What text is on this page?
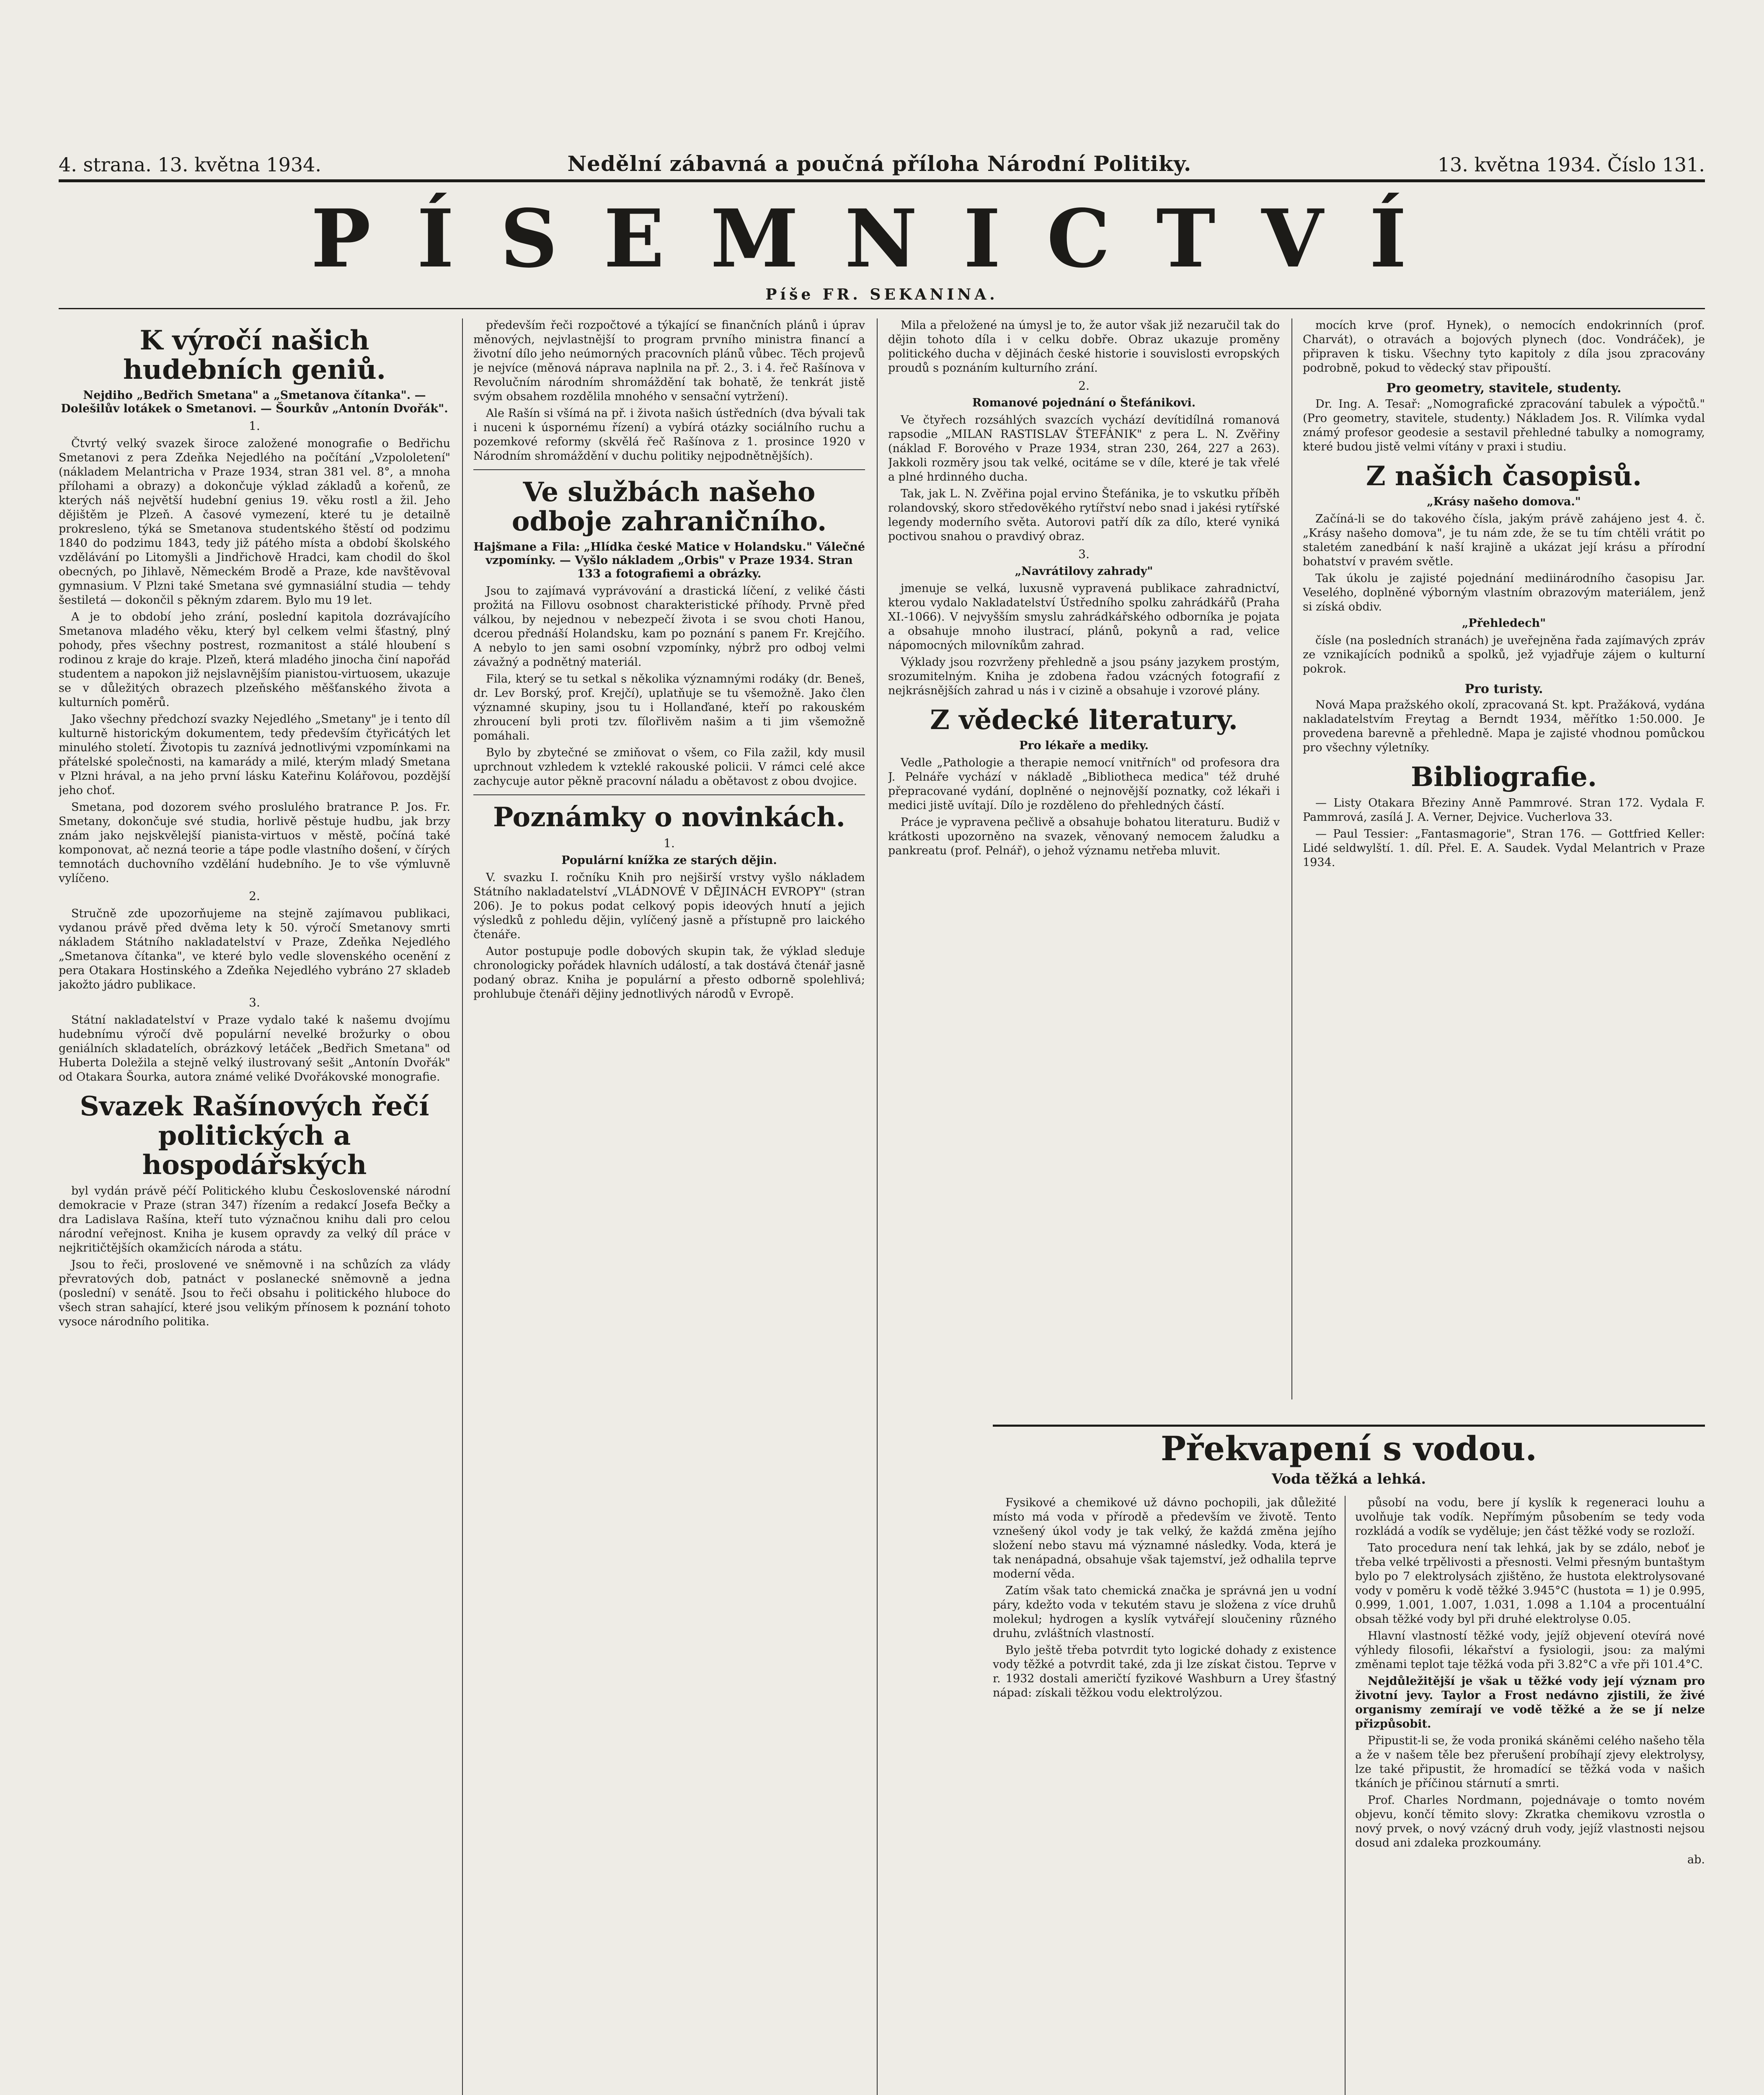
4. strana. 13. května 1934.	Nedělní zábavná a poučná příloha Národní Politiky.	13. května 1934. Číslo 131.
PÍSEMNICTVÍ
Píše FR. SEKANINA.
K výročí našich hudebních geniů.
Nejdiho „Bedřich Smetana" a „Smetanova čítanka". — Dolešilův lotákek o Smetanovi. — Šourkův „Antonín Dvořák".
1.

Čtvrtý velký svazek široce založené monografie o Bedřichu Smetanovi z pera Zdeňka Nejedlého na počítání „Vzpololetení" (nákladem Melantricha v Praze 1934, stran 381 vel. 8°, a mnoha přílohami a obrazy) a dokončuje výklad základů a kořenů, ze kterých náš největší hudební genius 19. věku rostl a žil. Jeho dějištěm je Plzeň. A časové vymezení, které tu je detailně prokresleno, týká se Smetanova studentského štěstí od podzimu 1840 do podzimu 1843, tedy již pátého místa a období školského vzdělávání po Litomyšli a Jindřichově Hradci, kam chodil do škol obecných, po Jihlavě, Německém Brodě a Praze, kde navštěvoval gymnasium. V Plzni také Smetana své gymnasiální studia — tehdy šestiletá — dokončil s pěkným zdarem. Bylo mu 19 let.

A je to období jeho zrání, poslední kapitola dozrávajícího Smetanova mladého věku, který byl celkem velmi šťastný, plný pohody, přes všechny postrest, rozmanitost a stálé hloubení s rodinou z kraje do kraje. Plzeň, která mladého jinocha činí napořád studentem a napokon již nejslavnějším pianistou-virtuosem, ukazuje se v důležitých obrazech plzeňského měšťanského života a kulturních poměrů.

Jako všechny předchozí svazky Nejedlého „Smetany" je i tento díl kulturně historickým dokumentem, tedy především čtyřicátých let minulého století. Životopis tu zaznívá jednotlivými vzpomínkami na přátelské společnosti, na kamarády a milé, kterým mladý Smetana v Plzni hrával, a na jeho první lásku Kateřinu Kolářovou, pozdější jeho choť.

Smetana, pod dozorem svého proslulého bratrance P. Jos. Fr. Smetany, dokončuje své studia, horlivě pěstuje hudbu, jak brzy znám jako nejskvělejší pianista-virtuos v městě, počíná také komponovat, ač nezná teorie a tápe podle vlastního došení, v čírých temnotách duchovního vzdělání hudebního. Je to vše výmluvně vylíčeno.

2.

Stručně zde upozorňujeme na stejně zajímavou publikaci, vydanou právě před dvěma lety k 50. výročí Smetanovy smrti nákladem Státního nakladatelství v Praze, Zdeňka Nejedlého „Smetanova čítanka", ve které bylo vedle slovenského ocenění z pera Otakara Hostinského a Zdeňka Nejedlého vybráno 27 skladeb jakožto jádro publikace.

3.

Státní nakladatelství v Praze vydalo také k našemu dvojímu hudebnímu výročí dvě populární nevelké brožurky o obou geniálních skladatelích, obrázkový letáček „Bedřich Smetana" od Huberta Doležila a stejně velký ilustrovaný sešit „Antonín Dvořák" od Otakara Šourka, autora známé veliké Dvořákovské monografie.

Svazek Rašínových řečí politických a hospodářských

byl vydán právě péčí Politického klubu Československé národní demokracie v Praze (stran 347) řízením a redakcí Josefa Bečky a dra Ladislava Rašína, kteří tuto význačnou knihu dali pro celou národní veřejnost. Kniha je kusem opravdy za velký díl práce v nejkritičtějších okamžicích národa a státu.

Jsou to řeči, proslovené ve sněmovně i na schůzích za vlády převratových dob, patnáct v poslanecké sněmovně a jedna (poslední) v senátě. Jsou to řeči obsahu i politického hluboce do všech stran sahající, které jsou velikým přínosem k poznání tohoto vysoce národního politika.

především řeči rozpočtové a týkající se finančních plánů i úprav měnových, nejvlastnější to program prvního ministra financí a životní dílo jeho neúmorných pracovních plánů vůbec. Těch projevů je nejvíce (měnová náprava naplnila na př. 2., 3. i 4. řeč Rašínova v Revolučním národním shromáždění tak bohatě, že tenkrát jistě svým obsahem rozdělila mnohého v sensační vytržení).

Ale Rašín si všímá na př. i života našich ústředních (dva bývali tak i nuceni k úspornému řízení) a vybírá otázky sociálního ruchu a pozemkové reformy (skvělá řeč Rašínova z 1. prosince 1920 v Národním shromáždění v duchu politiky nejpodnětnějších).

Ve službách našeho odboje zahraničního.
Hajšmane a Fila: „Hlídka české Matice v Holandsku." Válečné vzpomínky. — Vyšlo nákladem „Orbis" v Praze 1934. Stran 133 a fotografiemi a obrázky.

Jsou to zajímavá vyprávování a drastická líčení, z veliké části prožitá na Fillovu osobnost charakteristické příhody. Prvně před válkou, by nejednou v nebezpečí života i se svou choti Hanou, dcerou přednáší Holandsku, kam po poznání s panem Fr. Krejčího. A nebylo to jen sami osobní vzpomínky, nýbrž pro odboj velmi závažný a podnětný materiál.

Fila, který se tu setkal s několika významnými rodáky (dr. Beneš, dr. Lev Borský, prof. Krejčí), uplatňuje se tu všemožně. Jako člen významné skupiny, jsou tu i Hollanďané, kteří po rakouském zhroucení byli proti tzv. fílořlivěm našim a ti jim všemožně pomáhali.

Bylo by zbytečné se zmiňovat o všem, co Fila zažil, kdy musil uprchnout vzhledem k vzteklé rakouské policii. V rámci celé akce zachycuje autor pěkně pracovní náladu a obětavost z obou dvojice.

Poznámky o novinkách.
1.
Populární knížka ze starých dějin.

V. svazku I. ročníku Knih pro nejširší vrstvy vyšlo nákladem Státního nakladatelství „VLÁDNOVÉ V DĚJINÁCH EVROPY" (stran 206). Je to pokus podat celkový popis ideových hnutí a jejich výsledků z pohledu dějin, vylíčený jasně a přístupně pro laického čtenáře.

Autor postupuje podle dobových skupin tak, že výklad sleduje chronologicky pořádek hlavních událostí, a tak dostává čtenář jasně podaný obraz. Kniha je populární a přesto odborně spolehlivá; prohlubuje čtenáři dějiny jednotlivých národů v Evropě.

Mila a přeložené na úmysl je to, že autor však již nezaručil tak do dějin tohoto díla i v celku dobře. Obraz ukazuje proměny politického ducha v dějinách české historie i souvislosti evropských proudů s poznáním kulturního zrání.

2.
Romanové pojednání o Štefánikovi.

Ve čtyřech rozsáhlých svazcích vychází devítidílná romanová rapsodie „MILAN RASTISLAV ŠTEFÁNIK" z pera L. N. Zvěřiny (náklad F. Borového v Praze 1934, stran 230, 264, 227 a 263). Jakkoli rozměry jsou tak velké, ocitáme se v díle, které je tak vřelé a plné hrdinného ducha.

Tak, jak L. N. Zvěřina pojal ervino Štefánika, je to vskutku příběh rolandovský, skoro středověkého rytířství nebo snad i jakési rytířské legendy moderního světa. Autorovi patří dík za dílo, které vyniká poctivou snahou o pravdivý obraz.

3.
„Navrátilovy zahrady"

jmenuje se velká, luxusně vypravená publikace zahradnictví, kterou vydalo Nakladatelství Ústředního spolku zahrádkářů (Praha XI.-1066). V nejvyšším smyslu zahrádkářského odborníka je pojata a obsahuje mnoho ilustrací, plánů, pokynů a rad, velice nápomocných milovníkům zahrad.

Výklady jsou rozvrženy přehledně a jsou psány jazykem prostým, srozumitelným. Kniha je zdobena řadou vzácných fotografií z nejkrásnějších zahrad u nás i v cizině a obsahuje i vzorové plány.

Z vědecké literatury.
Pro lékaře a mediky.

Vedle „Pathologie a therapie nemocí vnitřních" od profesora dra J. Pelnáře vychází v nákladě „Bibliotheca medica" též druhé přepracované vydání, doplněné o nejnovější poznatky, což lékaři i medici jistě uvítají. Dílo je rozděleno do přehledných částí.

Práce je vypravena pečlivě a obsahuje bohatou literaturu. Budiž v krátkosti upozorněno na svazek, věnovaný nemocem žaludku a pankreatu (prof. Pelnář), o jehož významu netřeba mluvit.

mocích krve (prof. Hynek), o nemocích endokrinních (prof. Charvát), o otravách a bojových plynech (doc. Vondráček), je připraven k tisku. Všechny tyto kapitoly z díla jsou zpracovány podrobně, pokud to vědecký stav připouští.

Pro geometry, stavitele, studenty.

Dr. Ing. A. Tesař: „Nomografické zpracování tabulek a výpočtů." (Pro geometry, stavitele, studenty.) Nákladem Jos. R. Vilímka vydal známý profesor geodesie a sestavil přehledné tabulky a nomogramy, které budou jistě velmi vítány v praxi i studiu.

Z našich časopisů.
„Krásy našeho domova."

Začíná-li se do takového čísla, jakým právě zahájeno jest 4. č. „Krásy našeho domova", je tu nám zde, že se tu tím chtěli vrátit po staletém zanedbání k naší krajině a ukázat její krásu a přírodní bohatství v pravém světle.

Tak úkolu je zajisté pojednání mediinárodního časopisu Jar. Veselého, doplněné výborným vlastním obrazovým materiálem, jenž si získá obdiv.

„Přehledech"

čísle (na posledních stranách) je uveřejněna řada zajímavých zpráv ze vznikajících podniků a spolků, jež vyjadřuje zájem o kulturní pokrok.

Pro turisty.

Nová Mapa pražského okolí, zpracovaná St. kpt. Pražáková, vydána nakladatelstvím Freytag a Berndt 1934, měřítko 1:50.000. Je provedena barevně a přehledně. Mapa je zajisté vhodnou pomůckou pro všechny výletníky.

Bibliografie.

— Listy Otakara Březiny Anně Pammrové. Stran 172. Vydala F. Pammrová, zasílá J. A. Verner, Dejvice. Vucherlova 33.

— Paul Tessier: „Fantasmagorie", Stran 176. — Gottfried Keller: Lidé seldwylští. 1. díl. Přel. E. A. Saudek. Vydal Melantrich v Praze 1934.

Překvapení s vodou.
Voda těžká a lehká.

Fysikové a chemikové už dávno pochopili, jak důležité místo má voda v přírodě a především ve životě. Tento vznešený úkol vody je tak velký, že každá změna jejího složení nebo stavu má významné následky. Voda, která je tak nenápadná, obsahuje však tajemství, jež odhalila teprve moderní věda.

Zatím však tato chemická značka je správná jen u vodní páry, kdežto voda v tekutém stavu je složena z více druhů molekul; hydrogen a kyslík vytvářejí sloučeniny různého druhu, zvláštních vlastností.

Bylo ještě třeba potvrdit tyto logické dohady z existence vody těžké a potvrdit také, zda ji lze získat čistou. Teprve v r. 1932 dostali američtí fyzikové Washburn a Urey šťastný nápad: získali těžkou vodu elektrolýzou.

působí na vodu, bere jí kyslík k regeneraci louhu a uvolňuje tak vodík. Nepřímým působením se tedy voda rozkládá a vodík se vyděluje; jen část těžké vody se rozloží.

Tato procedura není tak lehká, jak by se zdálo, neboť je třeba velké trpělivosti a přesnosti. Velmi přesným buntaštym bylo po 7 elektrolysách zjištěno, že hustota elektrolysované vody v poměru k vodě těžké 3.945°C (hustota = 1) je 0.995, 0.999, 1.001, 1.007, 1.031, 1.098 a 1.104 a procentuální obsah těžké vody byl při druhé elektrolyse 0.05.

Hlavní vlastností těžké vody, jejíž objevení otevírá nové výhledy filosofii, lékařství a fysiologii, jsou: za malými změnami teplot taje těžká voda při 3.82°C a vře při 101.4°C.

Nejdůležitější je však u těžké vody její význam pro životní jevy. Taylor a Frost nedávno zjistili, že živé organismy zemírají ve vodě těžké a že se jí nelze přizpůsobit.

Připustit-li se, že voda proniká skáněmi celého našeho těla a že v našem těle bez přerušení probíhají zjevy elektrolysy, lze také připustit, že hromadící se těžká voda v našich tkáních je příčinou stárnutí a smrti.

Prof. Charles Nordmann, pojednávaje o tomto novém objevu, končí těmito slovy: Zkratka chemikovu vzrostla o nový prvek, o nový vzácný druh vody, jejíž vlastnosti nejsou dosud ani zdaleka prozkoumány.

ab.
